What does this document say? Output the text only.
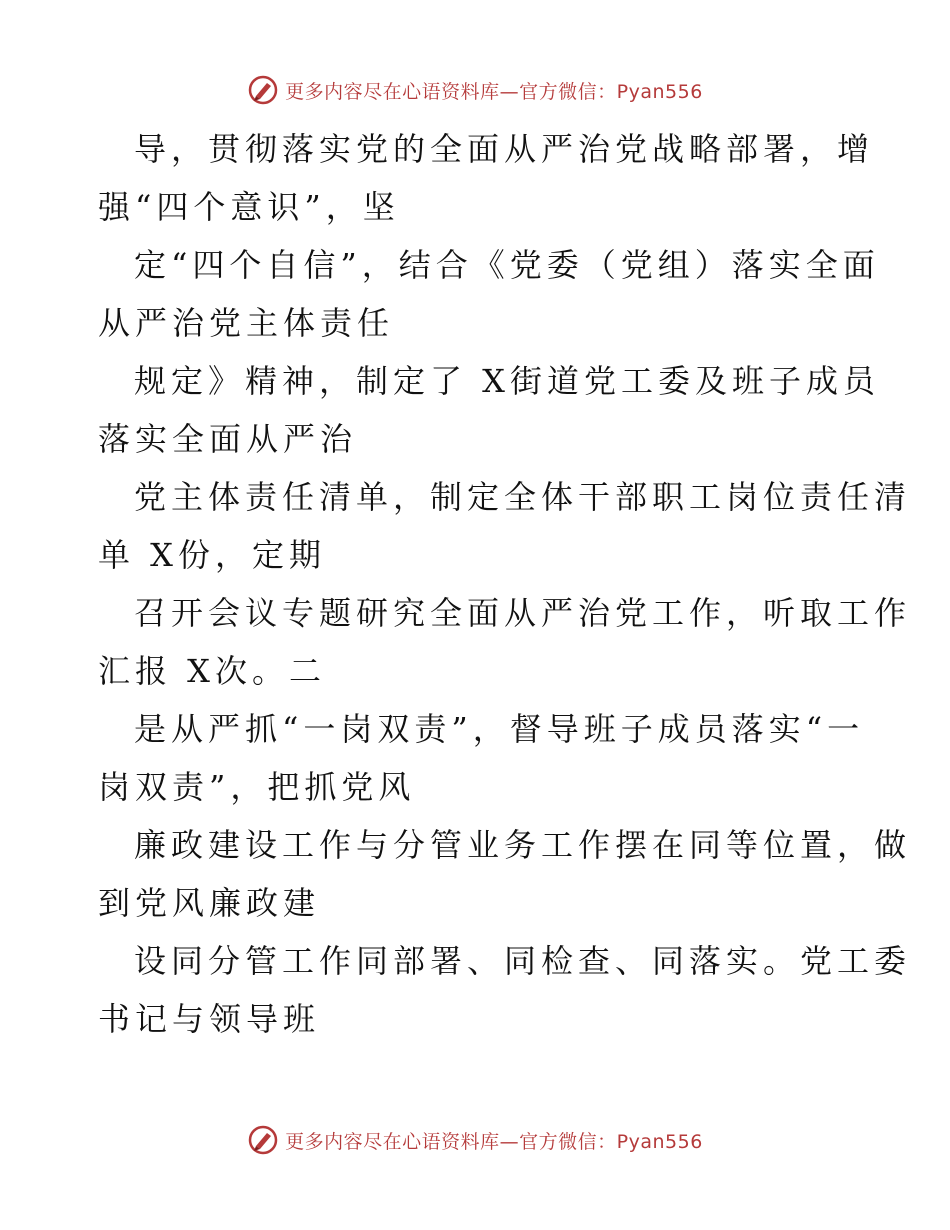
更多内容尽在心语资料库—官方微信：Pyan556
导，贯彻落实党的全面从严治党战略部署，增
强“四个意识”，坚
定“四个自信”，结合《党委（党组）落实全面
从严治党主体责任
规定》精神，制定了 X街道党工委及班子成员
落实全面从严治
党主体责任清单，制定全体干部职工岗位责任清
单 X份，定期
召开会议专题研究全面从严治党工作，听取工作
汇报 X次。二
是从严抓“一岗双责”，督导班子成员落实“一
岗双责”，把抓党风
廉政建设工作与分管业务工作摆在同等位置，做
到党风廉政建
设同分管工作同部署、同检查、同落实。党工委
书记与领导班
更多内容尽在心语资料库—官方微信：Pyan556
